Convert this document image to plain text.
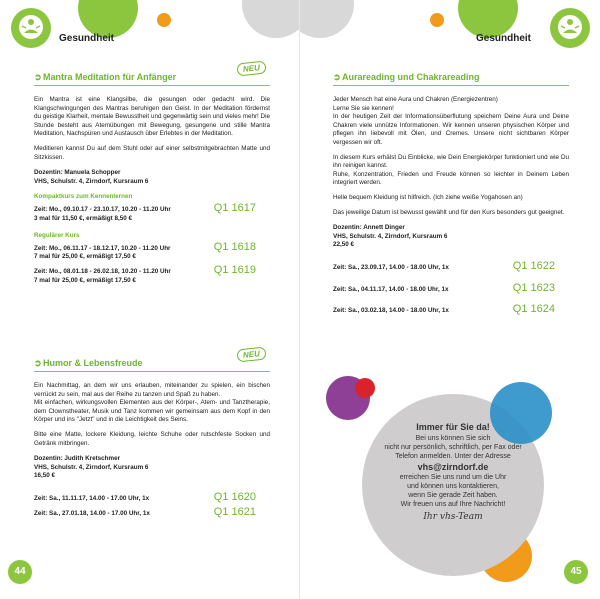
Gesundheit
➲Mantra Meditation für Anfänger
NEU

Ein Mantra ist eine Klangsilbe, die gesungen oder gedacht wird. Die Klangschwingungen des Mantras beruhigen den Geist. In der Meditation fördernst du geistige Klarheit, mentale Bewusstheit und gegenwärtig sein und vieles mehr! Die Stunde besteht aus Atemübungen mit Bewegung, gesungene und stille Mantra Meditation, Nachspüren und Austausch über Erlebtes in der Meditation.

Meditieren kannst Du auf dem Stuhl oder auf einer selbstmitgebrachten Matte und Sitzkissen.

Dozentin: Manuela Schopper

VHS, Schulstr. 4, Zirndorf, Kursraum 6

Kompaktkurs zum Kennenlernen

Zeit: Mo., 09.10.17 - 23.10.17, 10.20 - 11.20 Uhr
3 mal für 11,50 €, ermäßigt 8,50 €
Q1 1617

Regulärer Kurs

Zeit: Mo., 06.11.17 - 18.12.17, 10.20 - 11.20 Uhr
7 mal für 25,00 €, ermäßigt 17,50 €
Q1 1618
Zeit: Mo., 08.01.18 - 26.02.18, 10.20 - 11.20 Uhr
7 mal für 25,00 €, ermäßigt 17,50 €
Q1 1619
➲Humor & Lebensfreude
NEU

Ein Nachmittag, an dem wir uns erlauben, miteinander zu spielen, ein bischen verrückt zu sein, mal aus der Reihe zu tanzen und Spaß zu haben.

Mit einfachen, wirkungsvollen Elementen aus der Körper-, Atem- und Tanztherapie, dem Clownstheater, Musik und Tanz kommen wir gemeinsam aus dem Kopf in den Körper und ins "Jetzt" und in die Leichtigkeit des Seins.

Bitte eine Matte, lockere Kleidung, leichte Schuhe oder rutschfeste Socken und Getränk mitbringen.

Dozentin: Judith Kretschmer

VHS, Schulstr. 4, Zirndorf, Kursraum 6

16,50 €

Zeit: Sa., 11.11.17, 14.00 - 17.00 Uhr, 1x	Q1 1620
Zeit: Sa., 27.01.18, 14.00 - 17.00 Uhr, 1x	Q1 1621
44
Gesundheit
➲Aurareading und Chakrareading

Jeder Mensch hat eine Aura und Chakren (Energiezentren)

Lerne Sie sie kennen!

In der heutigen Zeit der Informationsüberflutung speichern Deine Aura und Deine Chakren viele unnütze Informationen. Wir kennen unseren physischen Körper und pflegen ihn liebevoll mit Ölen, und Cremes. Unsere nicht sichtbaren Körper vergessen wir oft.

In diesem Kurs erhälst Du Einblicke, wie Dein Energiekörper funktioniert und wie Du ihn reinigen kannst.

Ruhe, Konzentration, Frieden und Freude können so leichter in Deinem Leben integriert werden.

Helle bequem Kleidung ist hilfreich. (Ich ziehe weiße Yogahosen an)

Das jeweilige Datum ist bewusst gewählt und für den Kurs besonders gut geeignet.

Dozentin: Annett Dinger

VHS, Schulstr. 4, Zirndorf, Kursraum 6

22,50 €

Zeit: Sa., 23.09.17, 14.00 - 18.00 Uhr, 1x	Q1 1622
Zeit: Sa., 04.11.17, 14.00 - 18.00 Uhr, 1x	Q1 1623
Zeit: Sa., 03.02.18, 14.00 - 18.00 Uhr, 1x	Q1 1624
Immer für Sie da!
Bei uns können Sie sich
nicht nur persönlich, schriftlich, per Fax oder
Telefon anmelden. Unter der Adresse
vhs@zirndorf.de
erreichen Sie uns rund um die Uhr
und können uns kontaktieren,
wenn Sie gerade Zeit haben.
Wir freuen uns auf Ihre Nachricht!
Ihr vhs-Team
45
